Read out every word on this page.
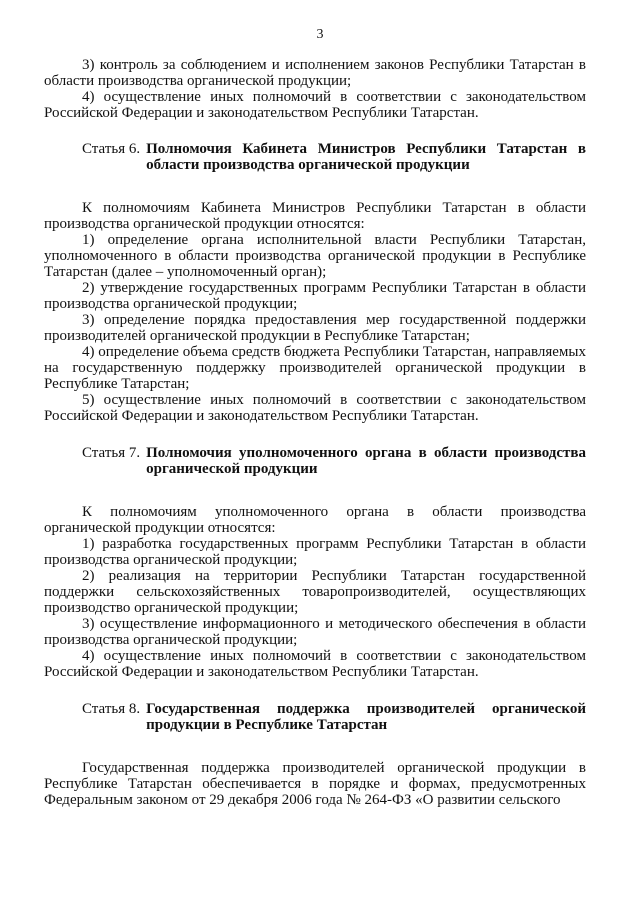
3

3) контроль за соблюдением и исполнением законов Республики Татарстан в области производства органической продукции;

4) осуществление иных полномочий в соответствии с законодательством Российской Федерации и законодательством Республики Татарстан.

Статья 6. Полномочия Кабинета Министров Республики Татарстан в области производства органической продукции

К полномочиям Кабинета Министров Республики Татарстан в области производства органической продукции относятся:

1) определение органа исполнительной власти Республики Татарстан, уполномоченного в области производства органической продукции в Республике Татарстан (далее – уполномоченный орган);

2) утверждение государственных программ Республики Татарстан в области производства органической продукции;

3) определение порядка предоставления мер государственной поддержки производителей органической продукции в Республике Татарстан;

4) определение объема средств бюджета Республики Татарстан, направляемых на государственную поддержку производителей органической продукции в Республике Татарстан;

5) осуществление иных полномочий в соответствии с законодательством Российской Федерации и законодательством Республики Татарстан.

Статья 7. Полномочия уполномоченного органа в области производства органической продукции

К полномочиям уполномоченного органа в области производства органической продукции относятся:

1) разработка государственных программ Республики Татарстан в области производства органической продукции;

2) реализация на территории Республики Татарстан государственной поддержки сельскохозяйственных товаропроизводителей, осуществляющих производство органической продукции;

3) осуществление информационного и методического обеспечения в области производства органической продукции;

4) осуществление иных полномочий в соответствии с законодательством Российской Федерации и законодательством Республики Татарстан.

Статья 8. Государственная поддержка производителей органической продукции в Республике Татарстан

Государственная поддержка производителей органической продукции в Республике Татарстан обеспечивается в порядке и формах, предусмотренных Федеральным законом от 29 декабря 2006 года № 264-ФЗ «О развитии сельского
